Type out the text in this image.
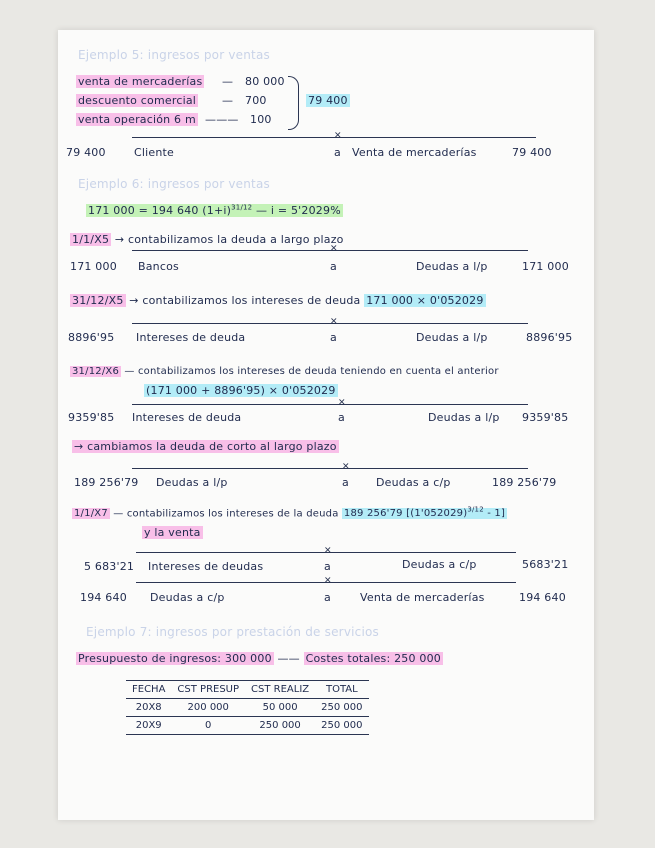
Ejemplo 5: ingresos por ventas
venta de mercaderías — 80 000
descuento comercial — 700
venta operación 6 m ——— 100
79 400
✕
79 400	Cliente	a Venta de mercaderías	79 400
Ejemplo 6: ingresos por ventas
171 000 = 194 640 $(1+i)^{31/12}$ — i = 5'2029%
1/1/X5 → contabilizamos la deuda a largo plazo
✕
171 000 Bancos	a	Deudas a l/p	171 000
31/12/X5 → contabilizamos los intereses de deuda 171 000 × 0'052029
✕
8896'95 Intereses de deuda	a	Deudas a l/p	8896'95
31/12/X6 — contabilizamos los intereses de deuda teniendo en cuenta el anterior
(171 000 + 8896'95) × 0'052029
✕
9359'85 Intereses de deuda	a	Deudas a l/p 9359'85
→ cambiamos la deuda de corto al largo plazo
✕
189 256'79 Deudas a l/p	a Deudas a c/p	189 256'79
1/1/X7 — contabilizamos los intereses de la deuda 189 256'79 $[(1'052029)^{3/12} - 1]$
y la venta
✕
5 683'21 Intereses de deudas	a	Deudas a c/p	5683'21
✕
194 640 Deudas a c/p	a	Venta de mercaderías	194 640
Ejemplo 7: ingresos por prestación de servicios
Presupuesto de ingresos: 300 000 —— Costes totales: 250 000
FECHA	CST PRESUP	CST REALIZ	TOTAL
20X8	200 000	50 000	250 000
20X9	0	250 000	250 000
